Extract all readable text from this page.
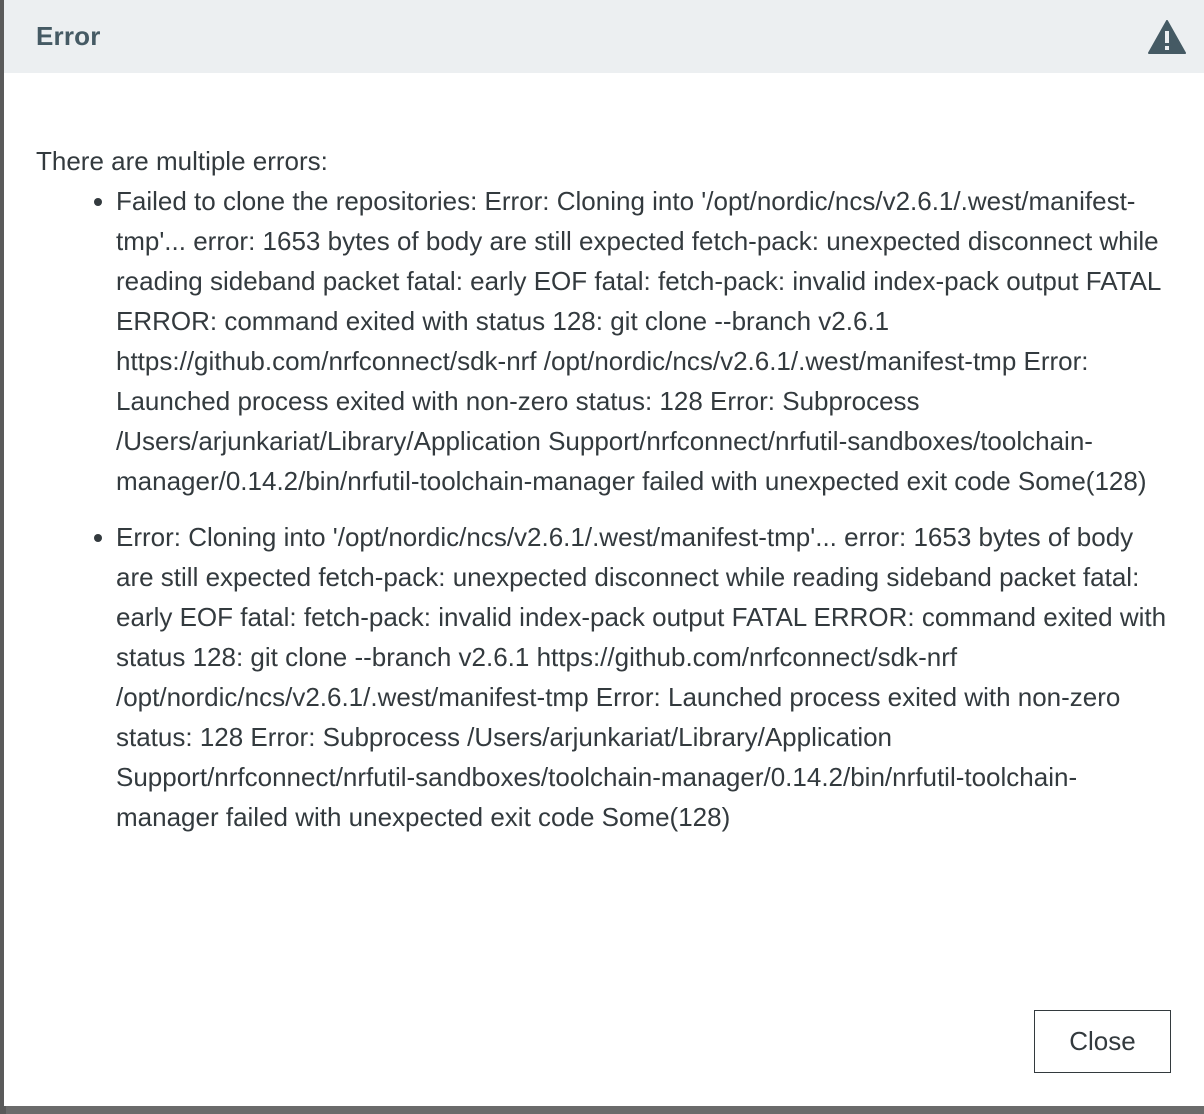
Error

There are multiple errors:

Failed to clone the repositories: Error: Cloning into '/opt/nordic/ncs/v2.6.1/.west/manifest-tmp'... error: 1653 bytes of body are still expected fetch-pack: unexpected disconnect while reading sideband packet fatal: early EOF fatal: fetch-pack: invalid index-pack output FATAL ERROR: command exited with status 128: git clone --branch v2.6.1 https://github.com/nrfconnect/sdk-nrf /opt/nordic/ncs/v2.6.1/.west/manifest-tmp Error: Launched process exited with non-zero status: 128 Error: Subprocess /Users/arjunkariat/Library/Application Support/nrfconnect/nrfutil-sandboxes/toolchain-manager/0.14.2/bin/nrfutil-toolchain-manager failed with unexpected exit code Some(128)
Error: Cloning into '/opt/nordic/ncs/v2.6.1/.west/manifest-tmp'... error: 1653 bytes of body are still expected fetch-pack: unexpected disconnect while reading sideband packet fatal: early EOF fatal: fetch-pack: invalid index-pack output FATAL ERROR: command exited with status 128: git clone --branch v2.6.1 https://github.com/nrfconnect/sdk-nrf /opt/nordic/ncs/v2.6.1/.west/manifest-tmp Error: Launched process exited with non-zero status: 128 Error: Subprocess /Users/arjunkariat/Library/Application Support/nrfconnect/nrfutil-sandboxes/toolchain-manager/0.14.2/bin/nrfutil-toolchain-manager failed with unexpected exit code Some(128)
Close
